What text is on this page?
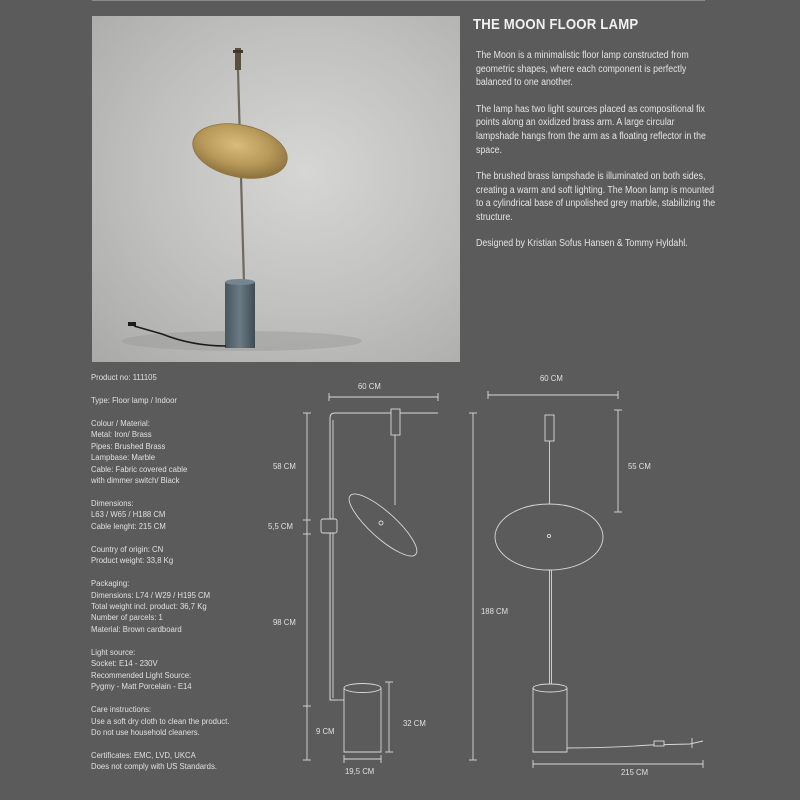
THE MOON FLOOR LAMP

The Moon is a minimalistic floor lamp constructed from geometric shapes, where each component is perfectly balanced to one another.

The lamp has two light sources placed as compositional fix points along an oxidized brass arm. A large circular lampshade hangs from the arm as a floating reflector in the space.

The brushed brass lampshade is illuminated on both sides, creating a warm and soft lighting. The Moon lamp is mounted to a cylindrical base of unpolished grey marble, stabilizing the structure.

Designed by Kristian Sofus Hansen & Tommy Hyldahl.

Product no: 111105
Type: Floor lamp / Indoor
Colour / Material:
Metal: Iron/ Brass
Pipes: Brushed Brass
Lampbase: Marble
Cable: Fabric covered cable
with dimmer switch/ Black
Dimensions:
L63 / W65 / H188 CM
Cable lenght: 215 CM
Country of origin: CN
Product weight: 33,8 Kg
Packaging:
Dimensions: L74 / W29 / H195 CM
Total weight incl. product: 36,7 Kg
Number of parcels: 1
Material: Brown cardboard
Light source:
Socket: E14 - 230V
Recommended Light Source:
Pygmy - Matt Porcelain - E14
Care instructions:
Use a soft dry cloth to clean the product.
Do not use household cleaners.
Certificates: EMC, LVD, UKCA
Does not comply with US Standards.
60 CM
58 CM
5,5 CM
98 CM
9 CM
32 CM
19,5 CM
60 CM
55 CM
188 CM
215 CM
